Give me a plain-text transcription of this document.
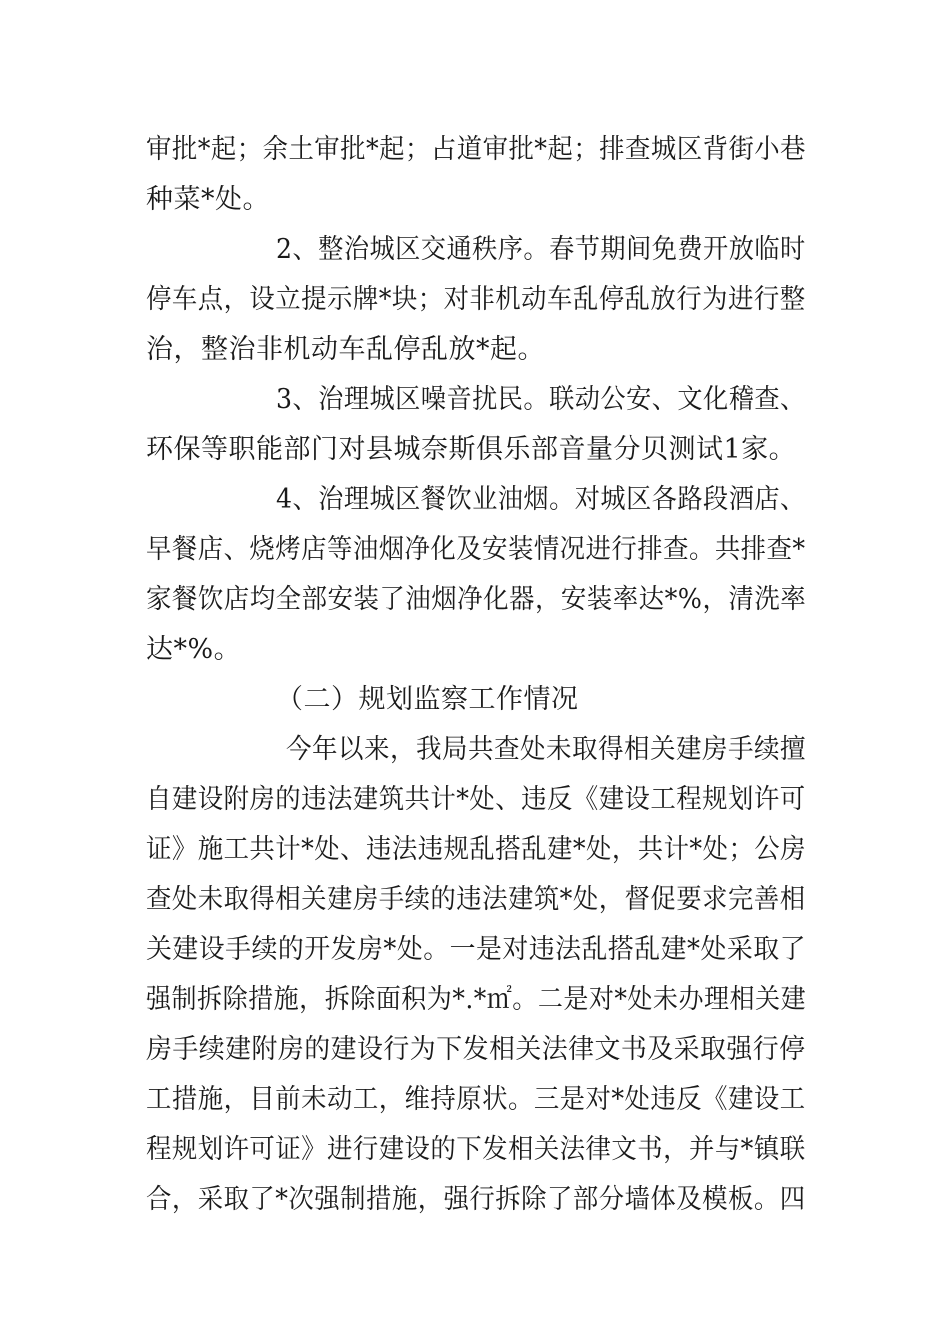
审批*起；余土审批*起；占道审批*起；排查城区背街小巷
种菜*处。
2、整治城区交通秩序。春节期间免费开放临时
停车点，设立提示牌*块；对非机动车乱停乱放行为进行整
治，整治非机动车乱停乱放*起。
3、治理城区噪音扰民。联动公安、文化稽查、
环保等职能部门对县城奈斯俱乐部音量分贝测试1家。
4、治理城区餐饮业油烟。对城区各路段酒店、
早餐店、烧烤店等油烟净化及安装情况进行排查。共排查*
家餐饮店均全部安装了油烟净化器，安装率达*%，清洗率
达*%。
（二）规划监察工作情况
今年以来，我局共查处未取得相关建房手续擅
自建设附房的违法建筑共计*处、违反《建设工程规划许可
证》施工共计*处、违法违规乱搭乱建*处，共计*处；公房
查处未取得相关建房手续的违法建筑*处，督促要求完善相
关建设手续的开发房*处。一是对违法乱搭乱建*处采取了
强制拆除措施，拆除面积为*.*㎡。二是对*处未办理相关建
房手续建附房的建设行为下发相关法律文书及采取强行停
工措施，目前未动工，维持原状。三是对*处违反《建设工
程规划许可证》进行建设的下发相关法律文书，并与*镇联
合，采取了*次强制措施，强行拆除了部分墙体及模板。四
